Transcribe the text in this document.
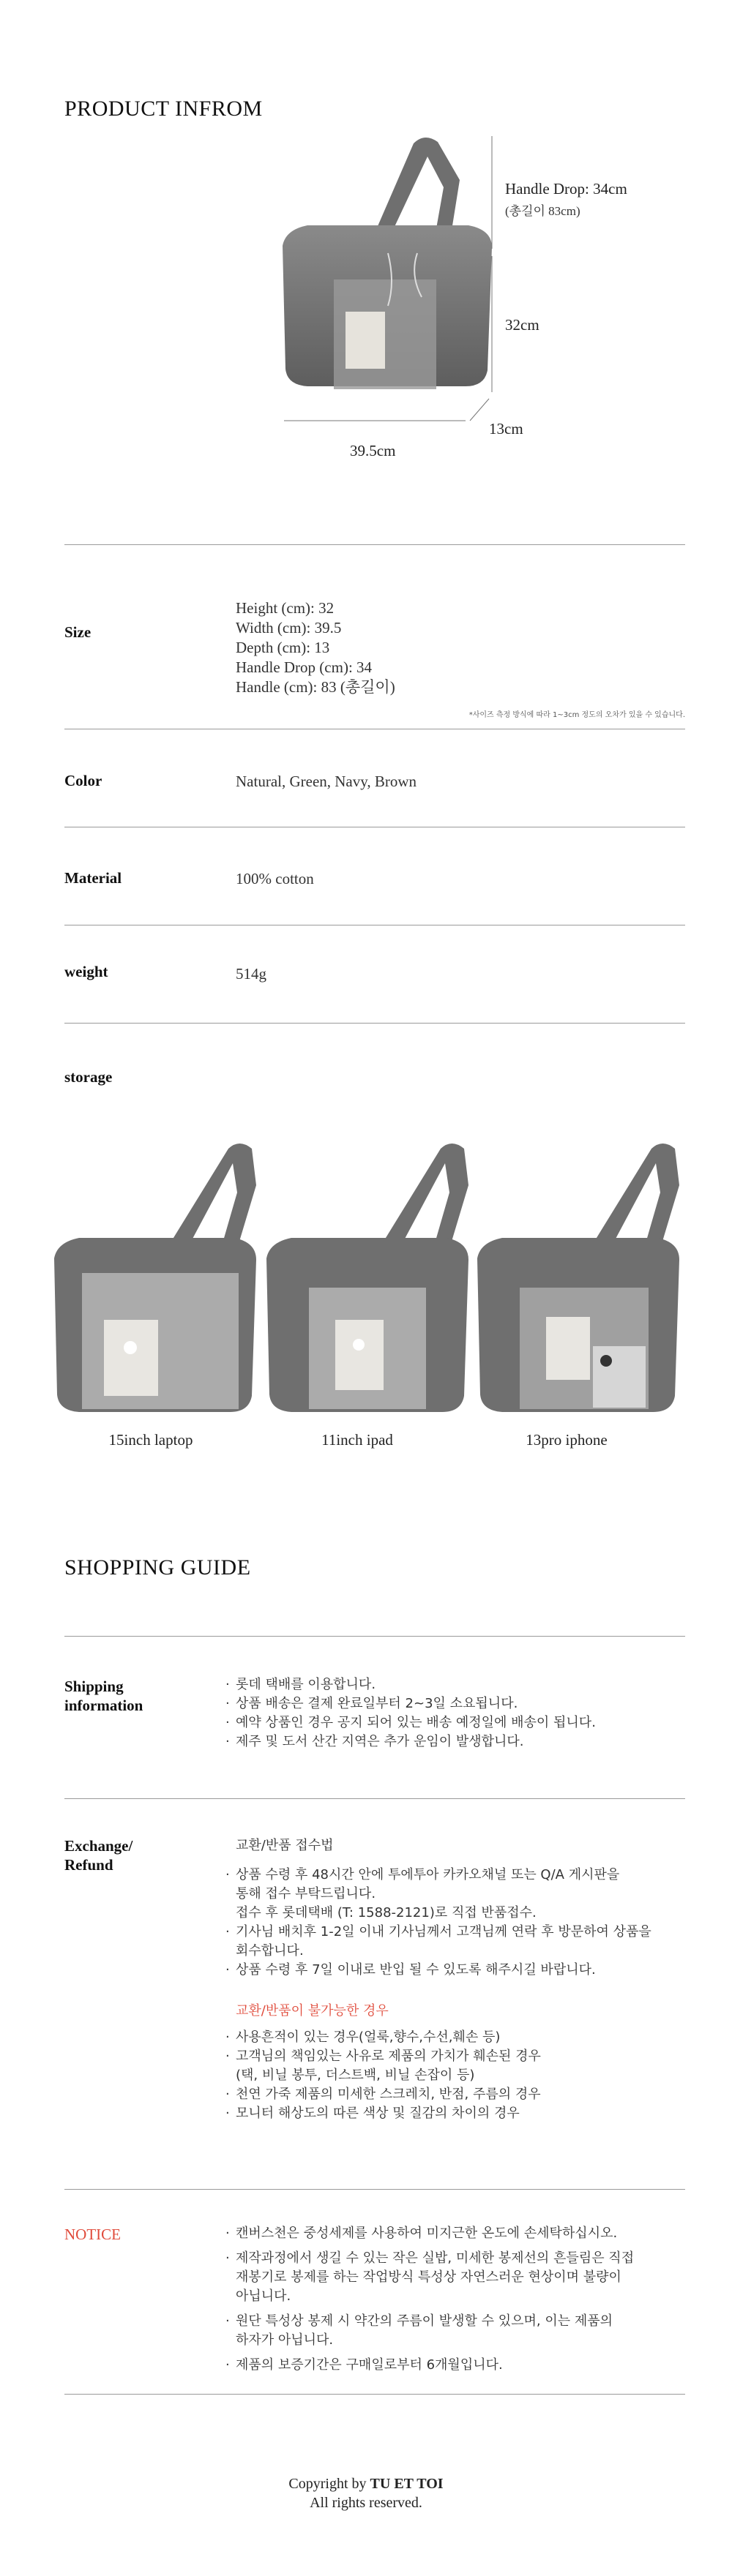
PRODUCT INFROM
Handle Drop: 34cm
(총길이 83cm)
32cm
13cm
39.5cm
Size
Height (cm): 32
Width (cm): 39.5
Depth (cm): 13
Handle Drop (cm): 34
Handle (cm): 83 (총길이)
*사이즈 측정 방식에 따라 1~3cm 정도의 오차가 있을 수 있습니다.
Color	Natural, Green, Navy, Brown
Material	100% cotton
weight	514g
storage
15inch laptop	11inch ipad	13pro iphone
SHOPPING GUIDE
Shipping
information
· 롯데 택배를 이용합니다.
· 상품 배송은 결제 완료일부터 2~3일 소요됩니다.
· 예약 상품인 경우 공지 되어 있는 배송 예정일에 배송이 됩니다.
· 제주 및 도서 산간 지역은 추가 운임이 발생합니다.
Exchange/
Refund
교환/반품 접수법
· 상품 수령 후 48시간 안에 투에투아 카카오채널 또는 Q/A 게시판을
통해 접수 부탁드립니다.
접수 후 롯데택배 (T: 1588-2121)로 직접 반품접수.
· 기사님 배치후 1-2일 이내 기사님께서 고객님께 연락 후 방문하여 상품을
회수합니다.
· 상품 수령 후 7일 이내로 반입 될 수 있도록 해주시길 바랍니다.
교환/반품이 불가능한 경우
· 사용흔적이 있는 경우(얼룩,향수,수선,훼손 등)
· 고객님의 책임있는 사유로 제품의 가치가 훼손된 경우
(택, 비닐 봉투, 더스트백, 비닐 손잡이 등)
· 천연 가죽 제품의 미세한 스크레치, 반점, 주름의 경우
· 모니터 해상도의 따른 색상 및 질감의 차이의 경우
NOTICE	· 캔버스천은 중성세제를 사용하여 미지근한 온도에 손세탁하십시오.
· 제작과정에서 생길 수 있는 작은 실밥, 미세한 봉제선의 흔들림은 직접
재봉기로 봉제를 하는 작업방식 특성상 자연스러운 현상이며 불량이
아닙니다.
· 원단 특성상 봉제 시 약간의 주름이 발생할 수 있으며, 이는 제품의
하자가 아닙니다.
· 제품의 보증기간은 구매일로부터 6개월입니다.
Copyright by TU ET TOI
All rights reserved.
